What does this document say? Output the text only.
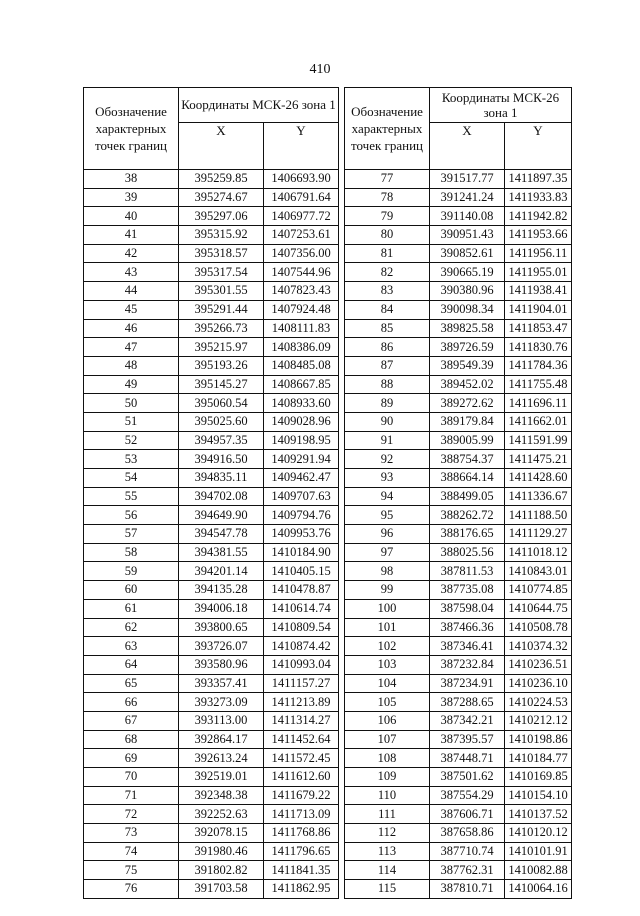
410
Обозначение характерных точек границ	Координаты МСК-26 зона 1	
	X	Y
38	395259.85	1406693.90
39	395274.67	1406791.64
40	395297.06	1406977.72
41	395315.92	1407253.61
42	395318.57	1407356.00
43	395317.54	1407544.96
44	395301.55	1407823.43
45	395291.44	1407924.48
46	395266.73	1408111.83
47	395215.97	1408386.09
48	395193.26	1408485.08
49	395145.27	1408667.85
50	395060.54	1408933.60
51	395025.60	1409028.96
52	394957.35	1409198.95
53	394916.50	1409291.94
54	394835.11	1409462.47
55	394702.08	1409707.63
56	394649.90	1409794.76
57	394547.78	1409953.76
58	394381.55	1410184.90
59	394201.14	1410405.15
60	394135.28	1410478.87
61	394006.18	1410614.74
62	393800.65	1410809.54
63	393726.07	1410874.42
64	393580.96	1410993.04
65	393357.41	1411157.27
66	393273.09	1411213.89
67	393113.00	1411314.27
68	392864.17	1411452.64
69	392613.24	1411572.45
70	392519.01	1411612.60
71	392348.38	1411679.22
72	392252.63	1411713.09
73	392078.15	1411768.86
74	391980.46	1411796.65
75	391802.82	1411841.35
76	391703.58	1411862.95
Обозначение характерных точек границ	Координаты МСК-26 зона 1	
	X	Y
77	391517.77	1411897.35
78	391241.24	1411933.83
79	391140.08	1411942.82
80	390951.43	1411953.66
81	390852.61	1411956.11
82	390665.19	1411955.01
83	390380.96	1411938.41
84	390098.34	1411904.01
85	389825.58	1411853.47
86	389726.59	1411830.76
87	389549.39	1411784.36
88	389452.02	1411755.48
89	389272.62	1411696.11
90	389179.84	1411662.01
91	389005.99	1411591.99
92	388754.37	1411475.21
93	388664.14	1411428.60
94	388499.05	1411336.67
95	388262.72	1411188.50
96	388176.65	1411129.27
97	388025.56	1411018.12
98	387811.53	1410843.01
99	387735.08	1410774.85
100	387598.04	1410644.75
101	387466.36	1410508.78
102	387346.41	1410374.32
103	387232.84	1410236.51
104	387234.91	1410236.10
105	387288.65	1410224.53
106	387342.21	1410212.12
107	387395.57	1410198.86
108	387448.71	1410184.77
109	387501.62	1410169.85
110	387554.29	1410154.10
111	387606.71	1410137.52
112	387658.86	1410120.12
113	387710.74	1410101.91
114	387762.31	1410082.88
115	387810.71	1410064.16
